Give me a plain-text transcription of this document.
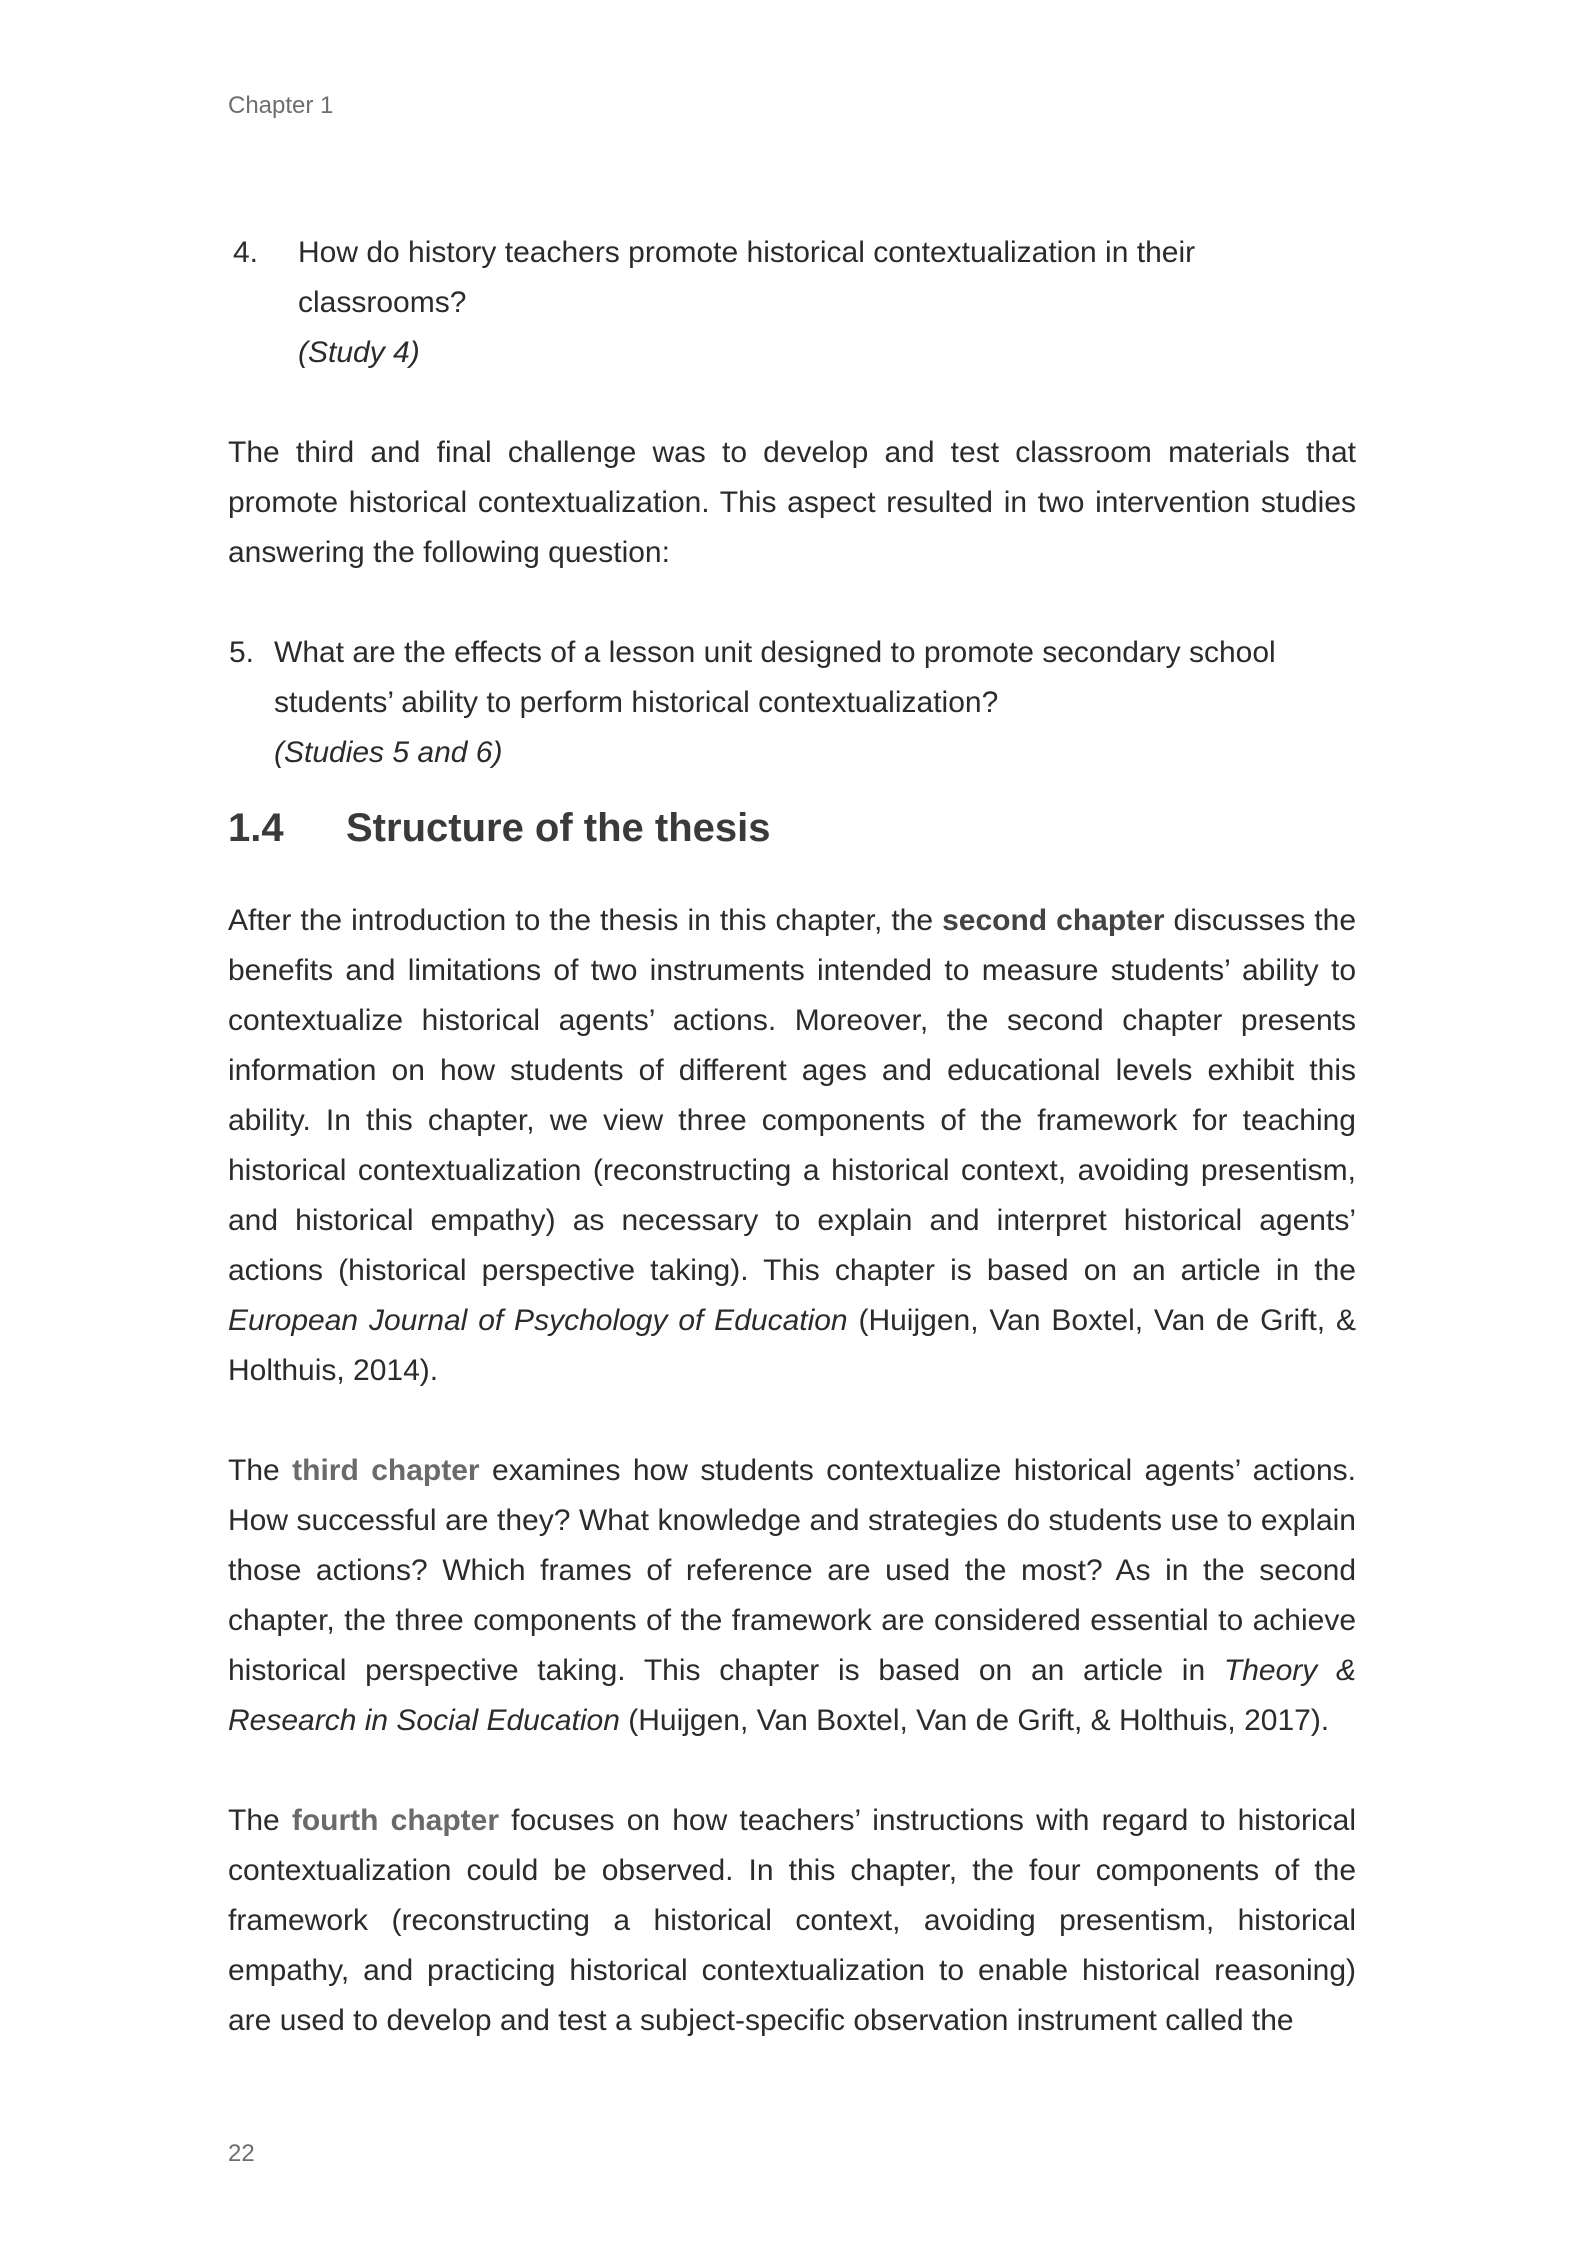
Chapter 1
4.	How do history teachers promote historical contextualization in their classrooms?
(Study 4)

The third and final challenge was to develop and test classroom materials that promote historical contextualization. This aspect resulted in two intervention studies answering the following question:

5. What are the effects of a lesson unit designed to promote secondary school students’ ability to perform historical contextualization?
(Studies 5 and 6)
1.4	Structure of the thesis

After the introduction to the thesis in this chapter, the second chapter discusses the benefits and limitations of two instruments intended to measure students’ ability to contextualize historical agents’ actions. Moreover, the second chapter presents information on how students of different ages and educational levels exhibit this ability. In this chapter, we view three components of the framework for teaching historical contextualization (reconstructing a historical context, avoiding presentism, and historical empathy) as necessary to explain and interpret historical agents’ actions (historical perspective taking). This chapter is based on an article in the European Journal of Psychology of Education (Huijgen, Van Boxtel, Van de Grift, & Holthuis, 2014).

The third chapter examines how students contextualize historical agents’ actions. How successful are they? What knowledge and strategies do students use to explain those actions? Which frames of reference are used the most? As in the second chapter, the three components of the framework are considered essential to achieve historical perspective taking. This chapter is based on an article in Theory & Research in Social Education (Huijgen, Van Boxtel, Van de Grift, & Holthuis, 2017).

The fourth chapter focuses on how teachers’ instructions with regard to historical contextualization could be observed. In this chapter, the four components of the framework (reconstructing a historical context, avoiding presentism, historical empathy, and practicing historical contextualization to enable historical reasoning) are used to develop and test a subject-specific observation instrument called the

22
